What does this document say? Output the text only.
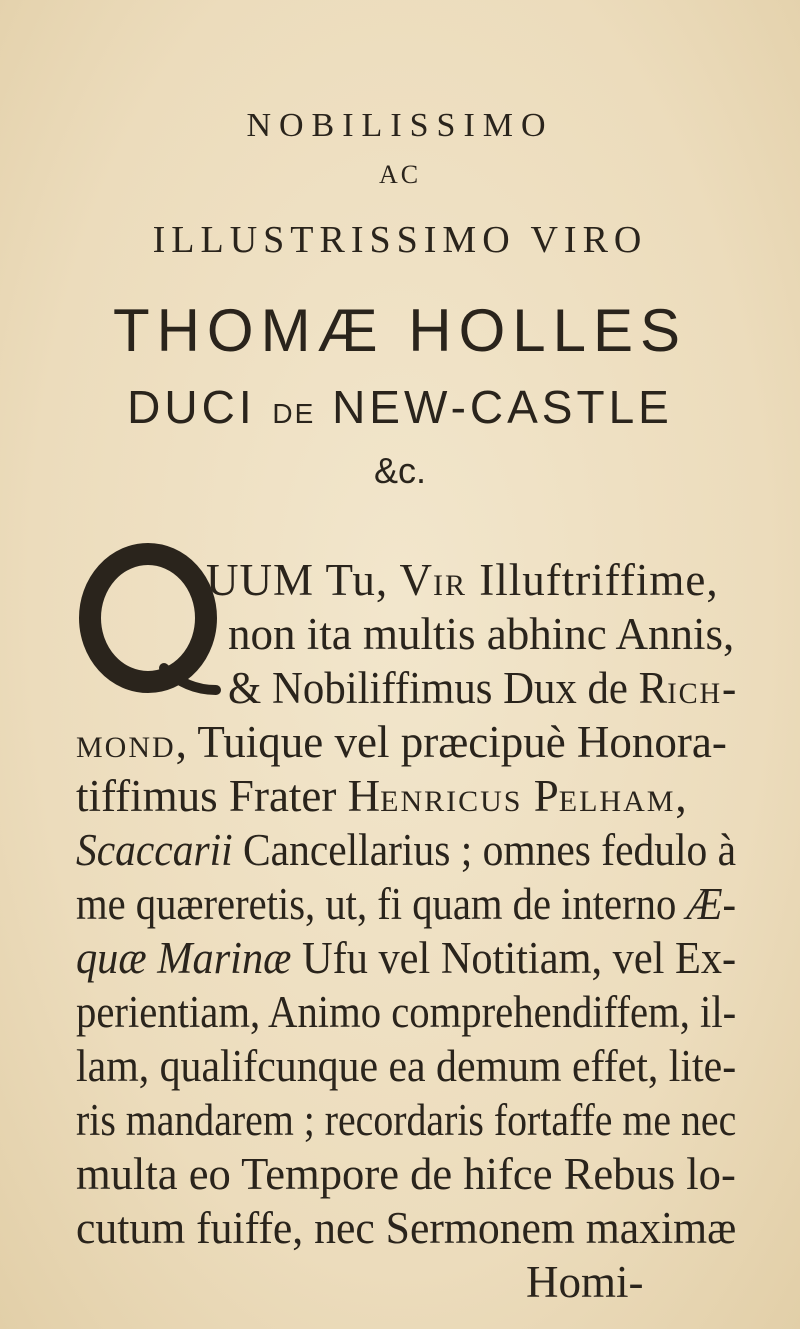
NOBILISSIMO
AC
ILLUSTRISSIMO VIRO
THOMÆ HOLLES
DUCI DE NEW-CASTLE
&c.
Q
UUM Tu, VIR Illuftriffime,
non ita multis abhinc Annis,
& Nobiliffimus Dux de RICH-
MOND, Tuique vel præcipuè Honora-
tiffimus Frater HENRICUS PELHAM,
Scaccarii Cancellarius ; omnes fedulo à
me quæreretis, ut, fi quam de interno Æ-
quæ Marinæ Ufu vel Notitiam, vel Ex-
perientiam, Animo comprehendiffem, il-
lam, qualifcunque ea demum effet, lite-
ris mandarem ; recordaris fortaffe me nec
multa eo Tempore de hifce Rebus lo-
cutum fuiffe, nec Sermonem maximæ
Homi-
